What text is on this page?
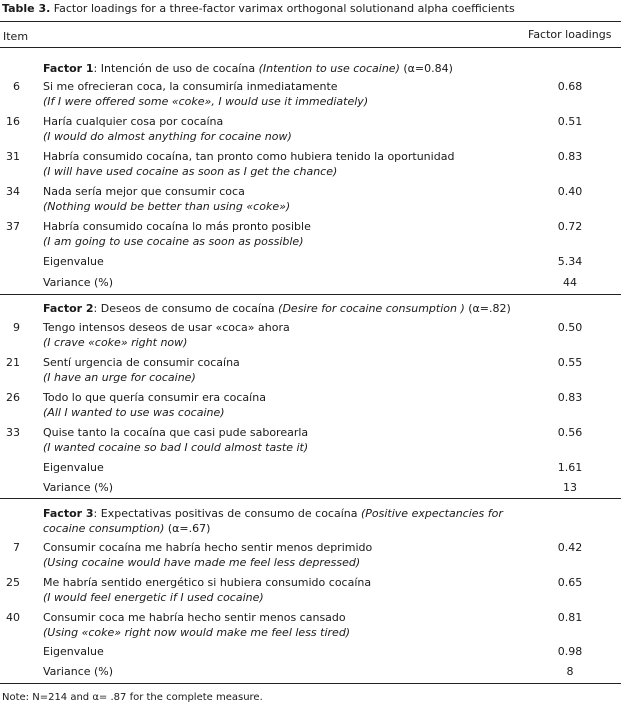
Table 3. Factor loadings for a three-factor varimax orthogonal solutionand alpha coefficients
Item	Factor loadings
Factor 1: Intención de uso de cocaína (Intention to use cocaine) (α=0.84)
6 Si me ofrecieran coca, la consumiría inmediatamente	0.68
(If I were offered some «coke», I would use it immediately)
16 Haría cualquier cosa por cocaína	0.51
(I would do almost anything for cocaine now)
31 Habría consumido cocaína, tan pronto como hubiera tenido la oportunidad	0.83
(I will have used cocaine as soon as I get the chance)
34 Nada sería mejor que consumir coca	0.40
(Nothing would be better than using «coke»)
37 Habría consumido cocaína lo más pronto posible	0.72
(I am going to use cocaine as soon as possible)
Eigenvalue	5.34
Variance (%)	44
Factor 2: Deseos de consumo de cocaína (Desire for cocaine consumption ) (α=.82)
9 Tengo intensos deseos de usar «coca» ahora	0.50
(I crave «coke» right now)
21 Sentí urgencia de consumir cocaína	0.55
(I have an urge for cocaine)
26 Todo lo que quería consumir era cocaína	0.83
(All I wanted to use was cocaine)
33 Quise tanto la cocaína que casi pude saborearla	0.56
(I wanted cocaine so bad I could almost taste it)
Eigenvalue	1.61
Variance (%)	13
Factor 3: Expectativas positivas de consumo de cocaína (Positive expectancies for
cocaine consumption) (α=.67)
7 Consumir cocaína me habría hecho sentir menos deprimido	0.42
(Using cocaine would have made me feel less depressed)
25 Me habría sentido energético si hubiera consumido cocaína	0.65
(I would feel energetic if I used cocaine)
40 Consumir coca me habría hecho sentir menos cansado	0.81
(Using «coke» right now would make me feel less tired)
Eigenvalue	0.98
Variance (%)	8
Note: N=214 and α= .87 for the complete measure.
